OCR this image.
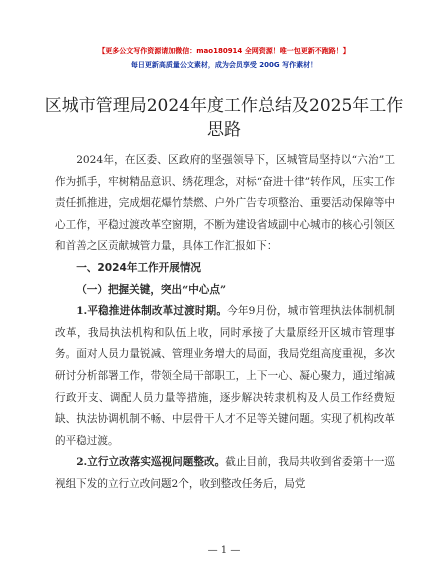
【更多公文写作资源请加微信：mao180914 全网资源！唯一包更新不跑路！】
每日更新高质量公文素材，成为会员享受 200G 写作素材！
区城市管理局2024年度工作总结及2025年工作思路

2024年，在区委、区政府的坚强领导下，区城管局坚持以“六治”工作为抓手，牢树精品意识、绣花理念，对标“奋进十律”转作风，压实工作责任抓推进，完成烟花爆竹禁燃、户外广告专项整治、重要活动保障等中心工作，平稳过渡改革空窗期，不断为建设省域副中心城市的核心引领区和首善之区贡献城管力量，具体工作汇报如下：

一、2024年工作开展情况

（一）把握关键，突出“中心点”

1.平稳推进体制改革过渡时期。今年9月份，城市管理执法体制机制改革，我局执法机构和队伍上收，同时承接了大量原经开区城市管理事务。面对人员力量锐减、管理业务增大的局面，我局党组高度重视，多次研讨分析部署工作，带领全局干部职工，上下一心、凝心聚力，通过缩减行政开支、调配人员力量等措施，逐步解决转隶机构及人员工作经费短缺、执法协调机制不畅、中层骨干人才不足等关键问题。实现了机构改革的平稳过渡。

2.立行立改落实巡视问题整改。截止目前，我局共收到省委第十一巡视组下发的立行立改问题2个，收到整改任务后，局党

— 1 —
